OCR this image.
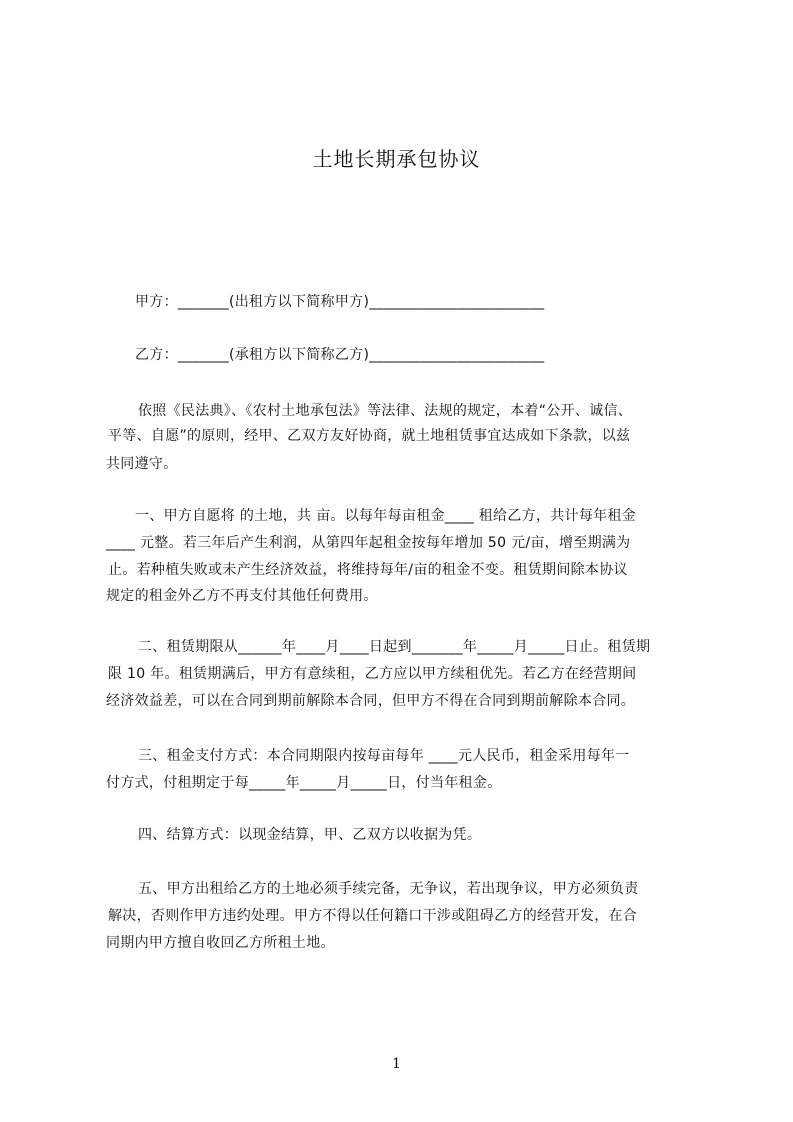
土地长期承包协议
甲方：_______(出租方以下简称甲方)________________________
乙方：_______(承租方以下简称乙方)________________________
依照《民法典》、《农村土地承包法》等法律、法规的规定，本着“公开、诚信、
平等、自愿”的原则，经甲、乙双方友好协商，就土地租赁事宜达成如下条款，以兹
共同遵守。
一、甲方自愿将 的土地，共 亩。以每年每亩租金____ 租给乙方，共计每年租金
____ 元整。若三年后产生利润，从第四年起租金按每年增加 50 元/亩，增至期满为
止。若种植失败或未产生经济效益，将维持每年/亩的租金不变。租赁期间除本协议
规定的租金外乙方不再支付其他任何费用。
二、租赁期限从______年____月____日起到_______年_____月_____日止。租赁期
限 10 年。租赁期满后，甲方有意续租，乙方应以甲方续租优先。若乙方在经营期间
经济效益差，可以在合同到期前解除本合同，但甲方不得在合同到期前解除本合同。
三、租金支付方式：本合同期限内按每亩每年 ____元人民币，租金采用每年一
付方式，付租期定于每_____年_____月_____日，付当年租金。
四、结算方式：以现金结算，甲、乙双方以收据为凭。
五、甲方出租给乙方的土地必须手续完备，无争议，若出现争议，甲方必须负责
解决，否则作甲方违约处理。甲方不得以任何籍口干涉或阻碍乙方的经营开发，在合
同期内甲方擅自收回乙方所租土地。
1
